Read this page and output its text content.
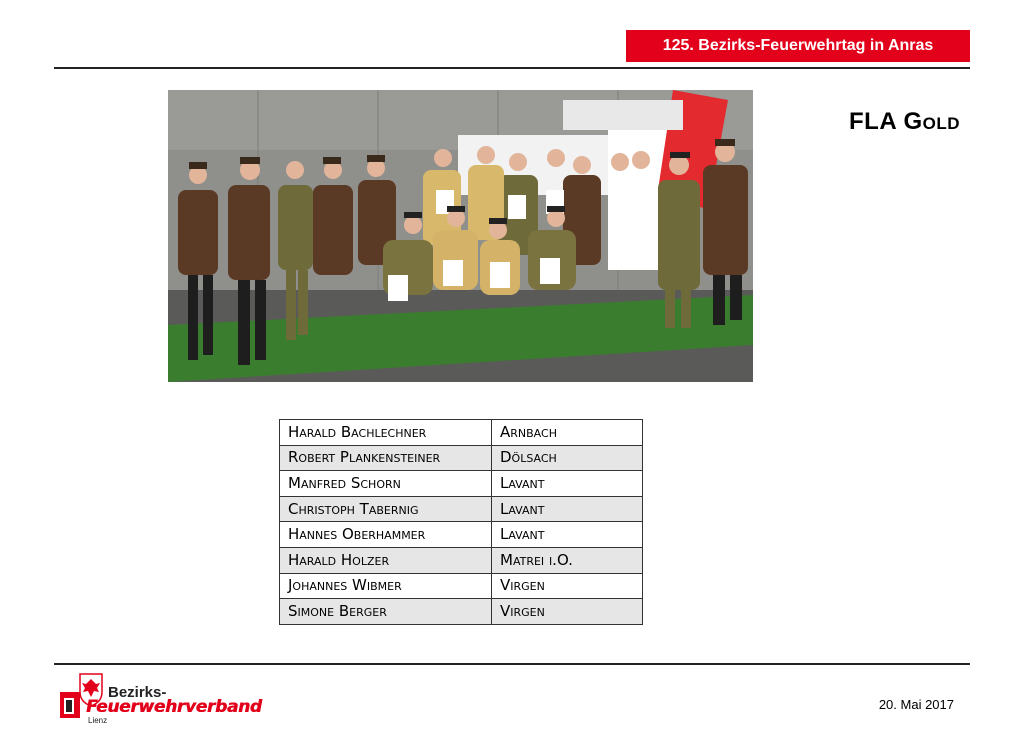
125. Bezirks-Feuerwehrtag in Anras
FLA Gold
Harald Bachlechner	Arnbach
Robert Plankensteiner	Dölsach
Manfred Schorn	Lavant
Christoph Tabernig	Lavant
Hannes Oberhammer	Lavant
Harald Holzer	Matrei i.O.
Johannes Wibmer	Virgen
Simone Berger	Virgen
Bezirks-
Feuerwehrverband
Lienz
20. Mai 2017
